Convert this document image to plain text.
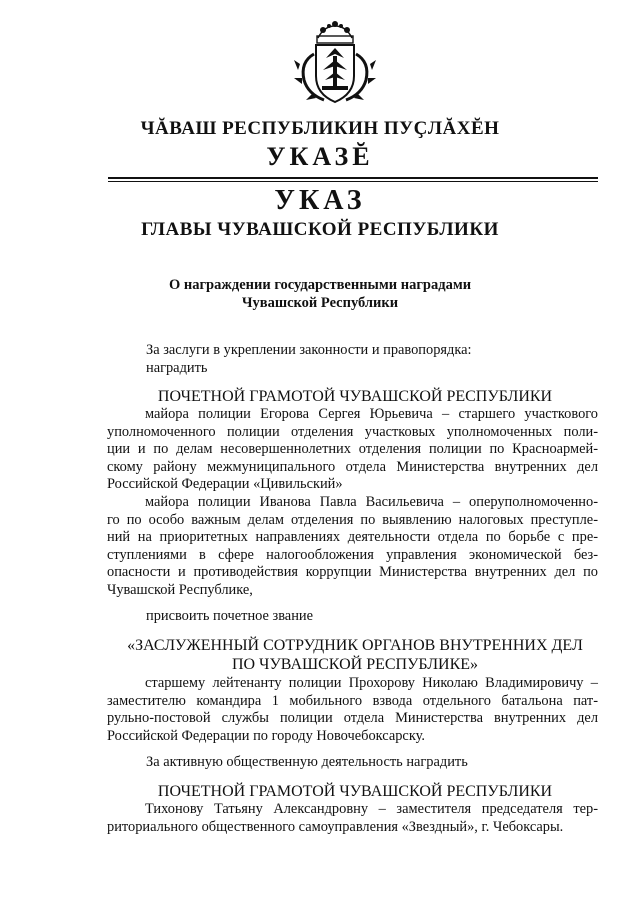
ЧĂВАШ РЕСПУБЛИКИН ПУҪЛĂХĔН
УКАЗĔ
УКАЗ
ГЛАВЫ ЧУВАШСКОЙ РЕСПУБЛИКИ
О награждении государственными наградами
Чувашской Республики
За заслуги в укреплении законности и правопорядка:
наградить
ПОЧЕТНОЙ ГРАМОТОЙ ЧУВАШСКОЙ РЕСПУБЛИКИ
майора полиции Егорова Сергея Юрьевича – старшего участкового
уполномоченного полиции отделения участковых уполномоченных поли-
ции и по делам несовершеннолетних отделения полиции по Красноармей-
скому району межмуниципального отдела Министерства внутренних дел
Российской Федерации «Цивильский»
майора полиции Иванова Павла Васильевича – оперуполномоченно-
го по особо важным делам отделения по выявлению налоговых преступле-
ний на приоритетных направлениях деятельности отдела по борьбе с пре-
ступлениями в сфере налогообложения управления экономической без-
опасности и противодействия коррупции Министерства внутренних дел по
Чувашской Республике,
присвоить почетное звание
«ЗАСЛУЖЕННЫЙ СОТРУДНИК ОРГАНОВ ВНУТРЕННИХ ДЕЛ
ПО ЧУВАШСКОЙ РЕСПУБЛИКЕ»
старшему лейтенанту полиции Прохорову Николаю Владимировичу –
заместителю командира 1 мобильного взвода отдельного батальона пат-
рульно-постовой службы полиции отдела Министерства внутренних дел
Российской Федерации по городу Новочебоксарску.
За активную общественную деятельность наградить
ПОЧЕТНОЙ ГРАМОТОЙ ЧУВАШСКОЙ РЕСПУБЛИКИ
Тихонову Татьяну Александровну – заместителя председателя тер-
риториального общественного самоуправления «Звездный», г. Чебоксары.
